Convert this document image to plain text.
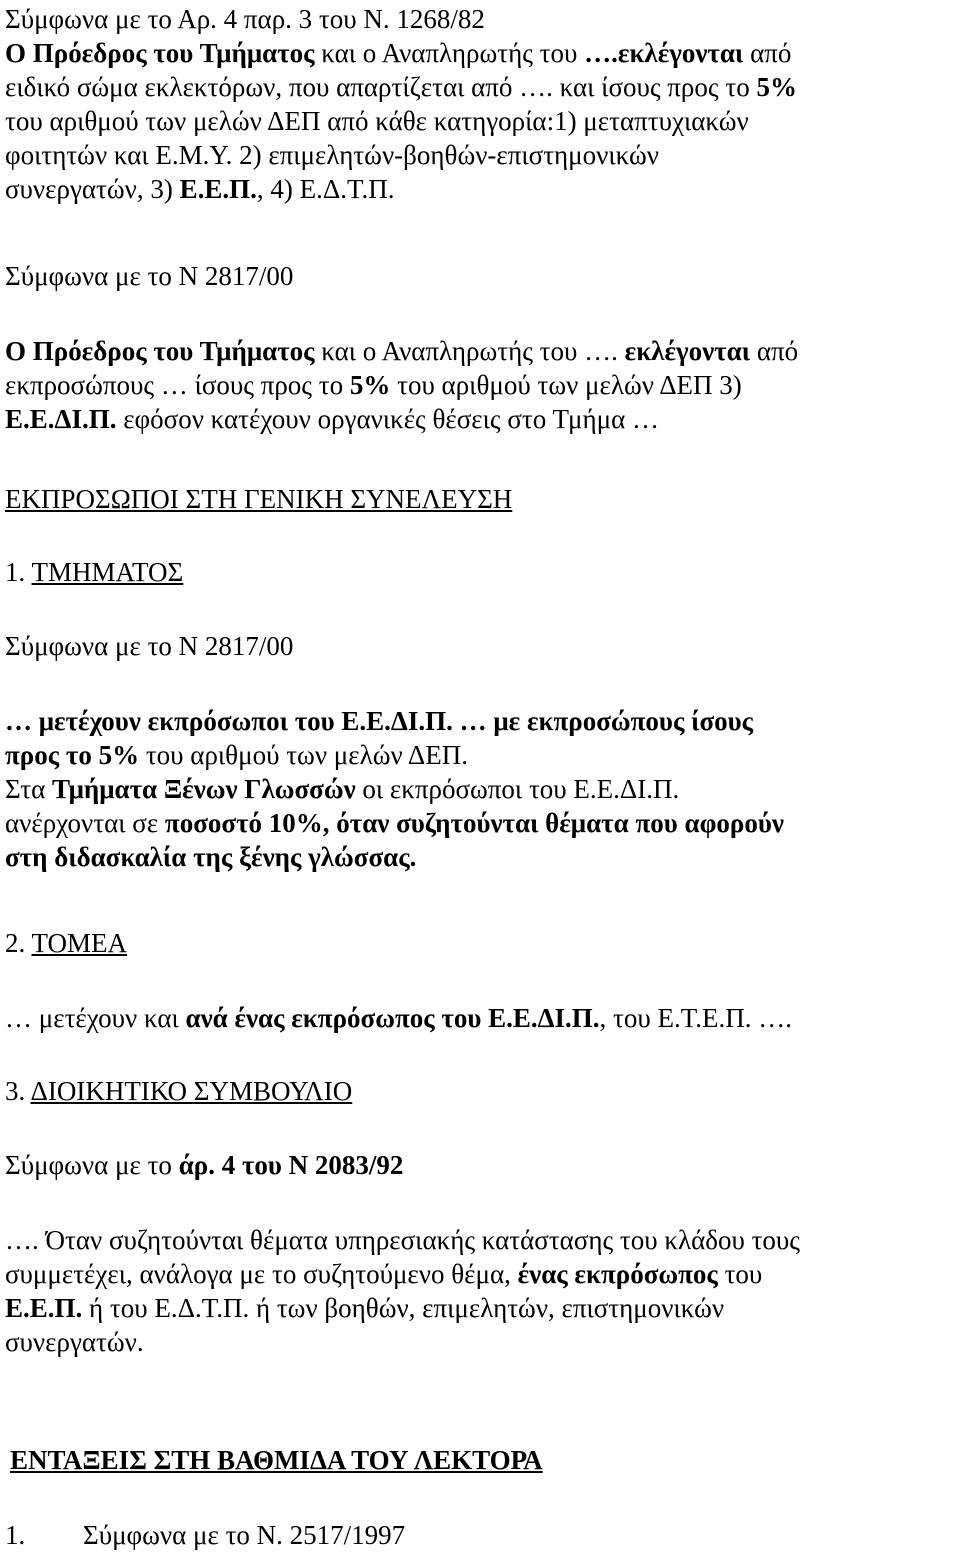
Σύμφωνα με το Αρ. 4 παρ. 3 του Ν. 1268/82
Ο Πρόεδρος του Τμήματος και ο Αναπληρωτής του ….εκλέγονται από
ειδικό σώμα εκλεκτόρων, που απαρτίζεται από …. και ίσους προς το 5%
του αριθμού των μελών ΔΕΠ από κάθε κατηγορία:1) μεταπτυχιακών
φοιτητών και Ε.Μ.Υ. 2) επιμελητών-βοηθών-επιστημονικών
συνεργατών, 3) Ε.Ε.Π., 4) Ε.Δ.Τ.Π.
Σύμφωνα με το Ν 2817/00
Ο Πρόεδρος του Τμήματος και ο Αναπληρωτής του …. εκλέγονται από
εκπροσώπους … ίσους προς το 5% του αριθμού των μελών ΔΕΠ 3)
Ε.Ε.ΔΙ.Π. εφόσον κατέχουν οργανικές θέσεις στο Τμήμα …
ΕΚΠΡΟΣΩΠΟΙ ΣΤΗ ΓΕΝΙΚΗ ΣΥΝΕΛΕΥΣΗ
1. ΤΜΗΜΑΤΟΣ
Σύμφωνα με το Ν 2817/00
… μετέχουν εκπρόσωποι του Ε.Ε.ΔΙ.Π. … με εκπροσώπους ίσους
προς το 5% του αριθμού των μελών ΔΕΠ.
Στα Τμήματα Ξένων Γλωσσών οι εκπρόσωποι του Ε.Ε.ΔΙ.Π.
ανέρχονται σε ποσοστό 10%, όταν συζητούνται θέματα που αφορούν
στη διδασκαλία της ξένης γλώσσας.
2. ΤΟΜΕΑ
… μετέχουν και ανά ένας εκπρόσωπος του Ε.Ε.ΔΙ.Π., του Ε.Τ.Ε.Π. ….
3. ΔΙΟΙΚΗΤΙΚΟ ΣΥΜΒΟΥΛΙΟ
Σύμφωνα με το άρ. 4 του Ν 2083/92
…. Όταν συζητούνται θέματα υπηρεσιακής κατάστασης του κλάδου τους
συμμετέχει, ανάλογα με το συζητούμενο θέμα, ένας εκπρόσωπος του
Ε.Ε.Π. ή του Ε.Δ.Τ.Π. ή των βοηθών, επιμελητών, επιστημονικών
συνεργατών.
ΕΝΤΑΞΕΙΣ ΣΤΗ ΒΑΘΜΙΔΑ ΤΟΥ ΛΕΚΤΟΡΑ
1. Σύμφωνα με το Ν. 2517/1997
